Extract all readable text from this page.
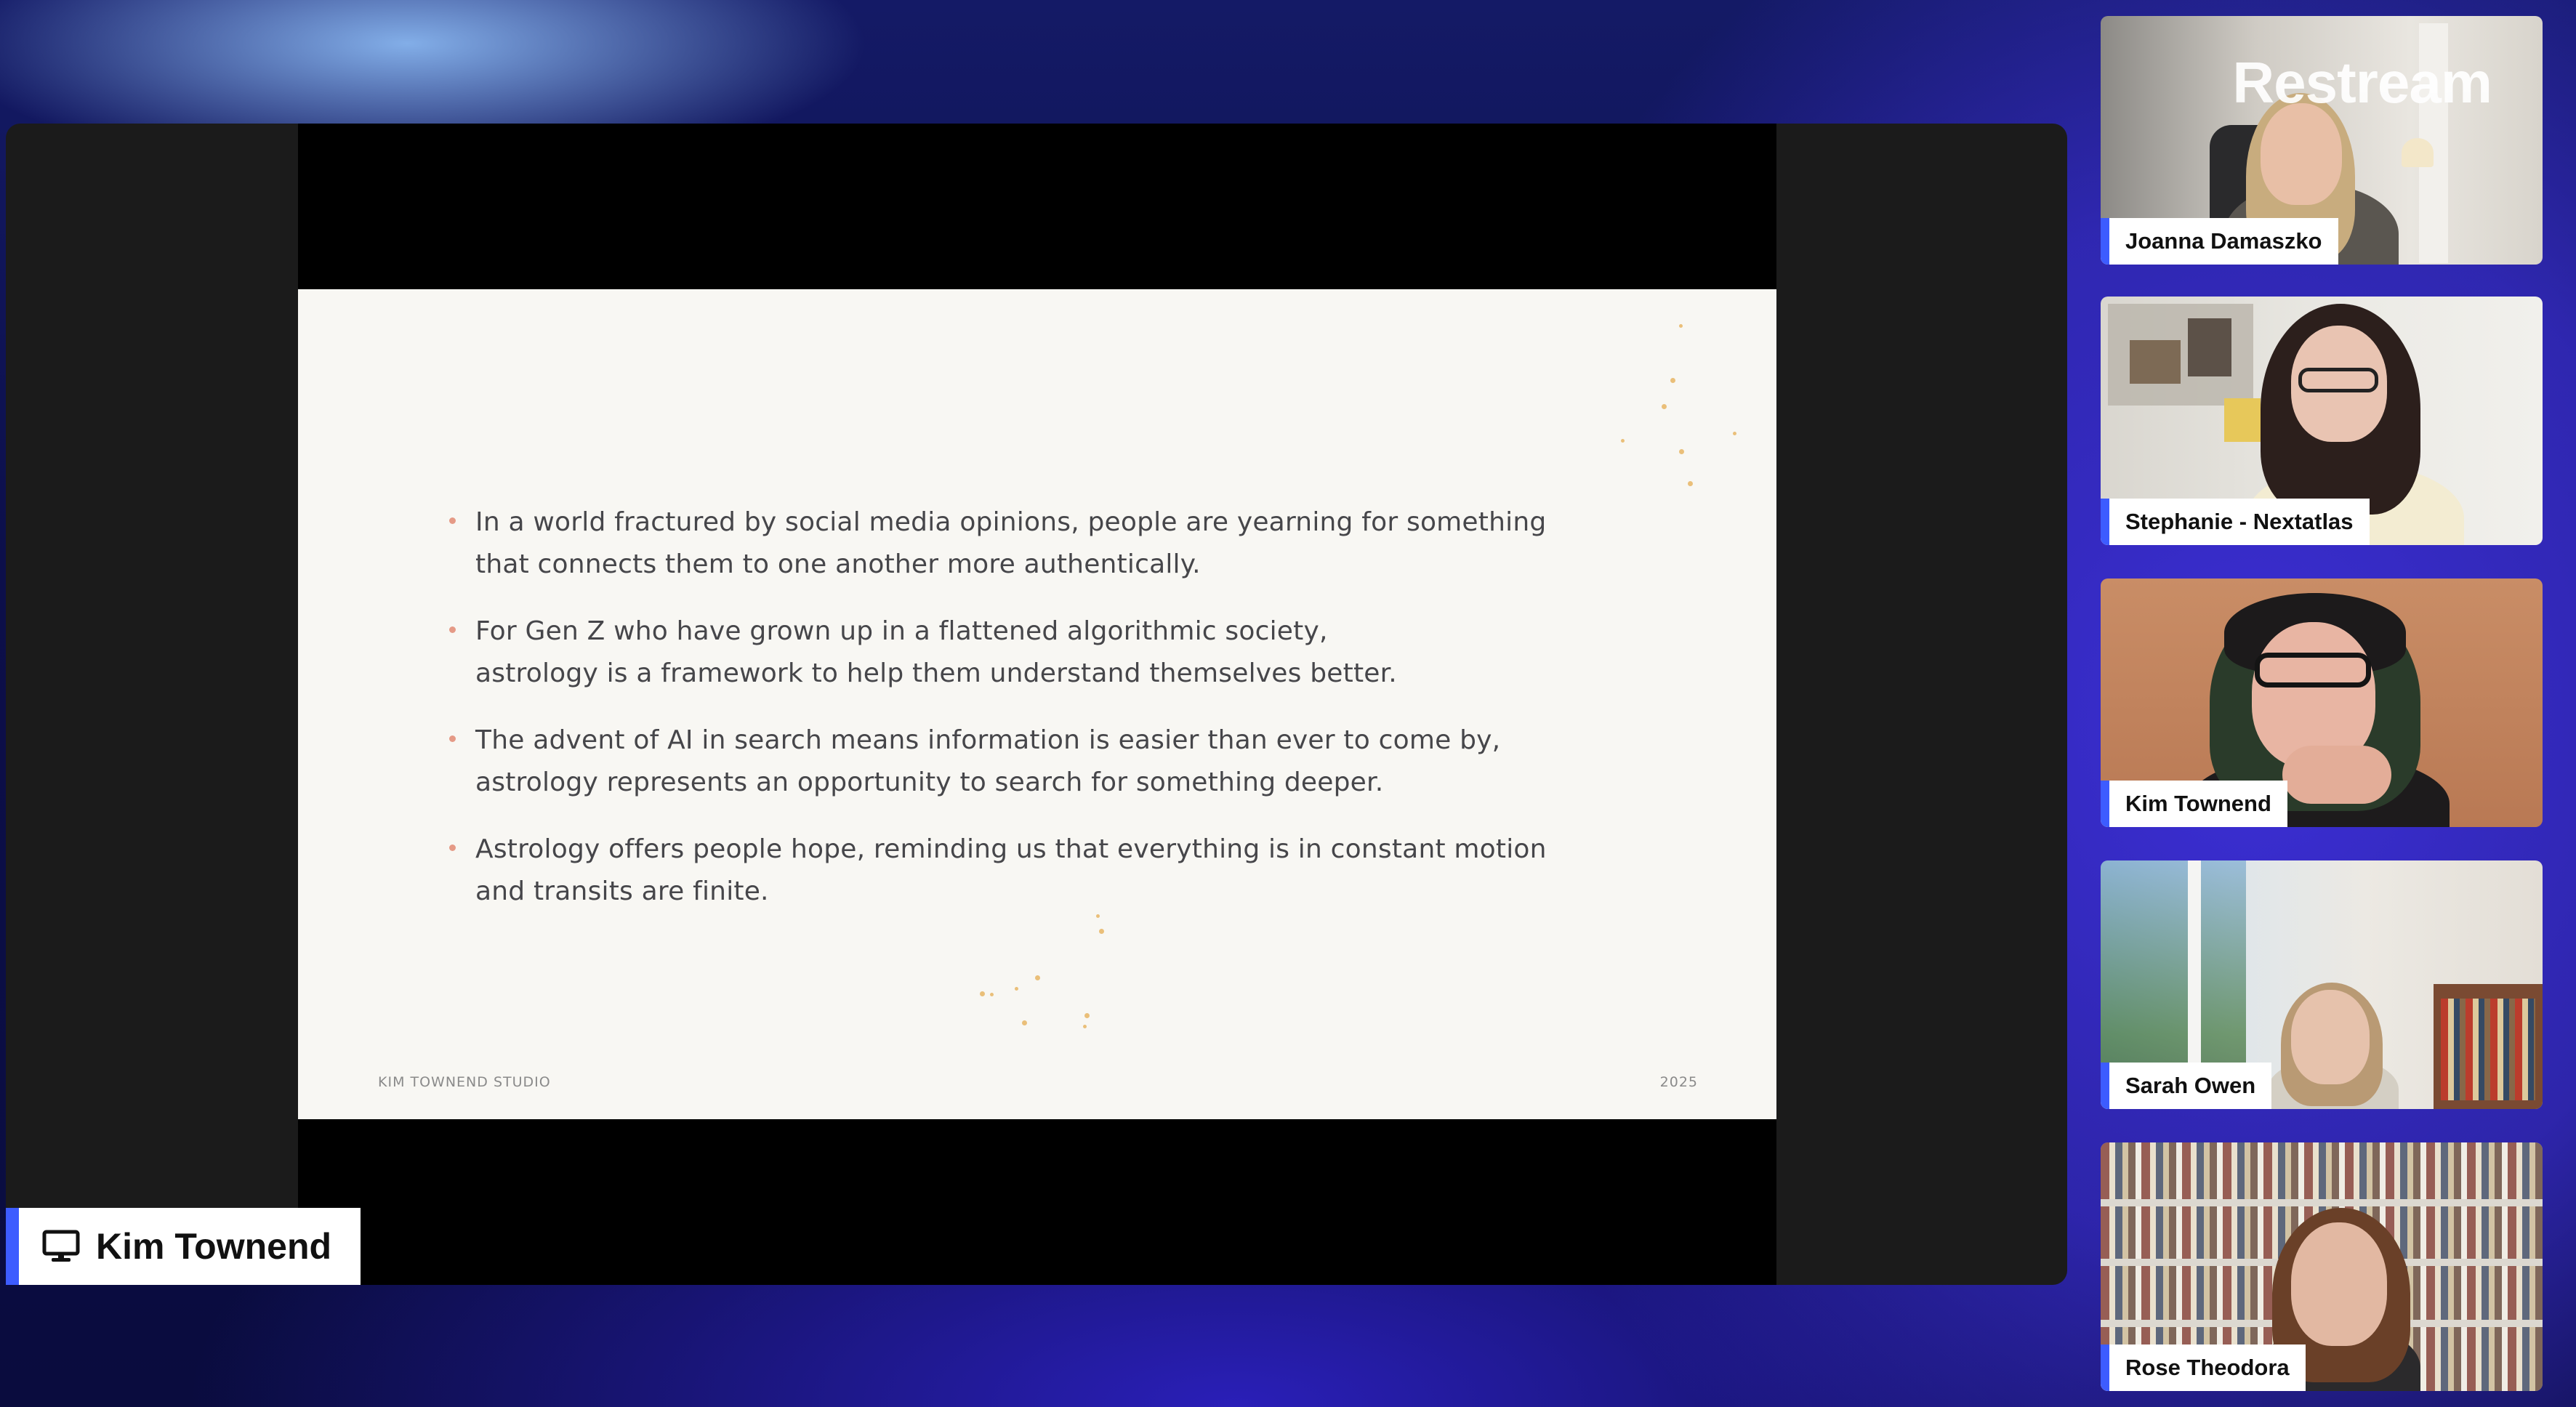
In a world fractured by social media opinions, people are yearning for something
that connects them to one another more authentically.
For Gen Z who have grown up in a flattened algorithmic society,
astrology is a framework to help them understand themselves better.
The advent of AI in search means information is easier than ever to come by,
astrology represents an opportunity to search for something deeper.
Astrology offers people hope, reminding us that everything is in constant motion
and transits are finite.
KIM TOWNEND STUDIO	2025
Kim Townend
Restream
Joanna Damaszko
Stephanie - Nextatlas
Kim Townend
Sarah Owen
Rose Theodora
